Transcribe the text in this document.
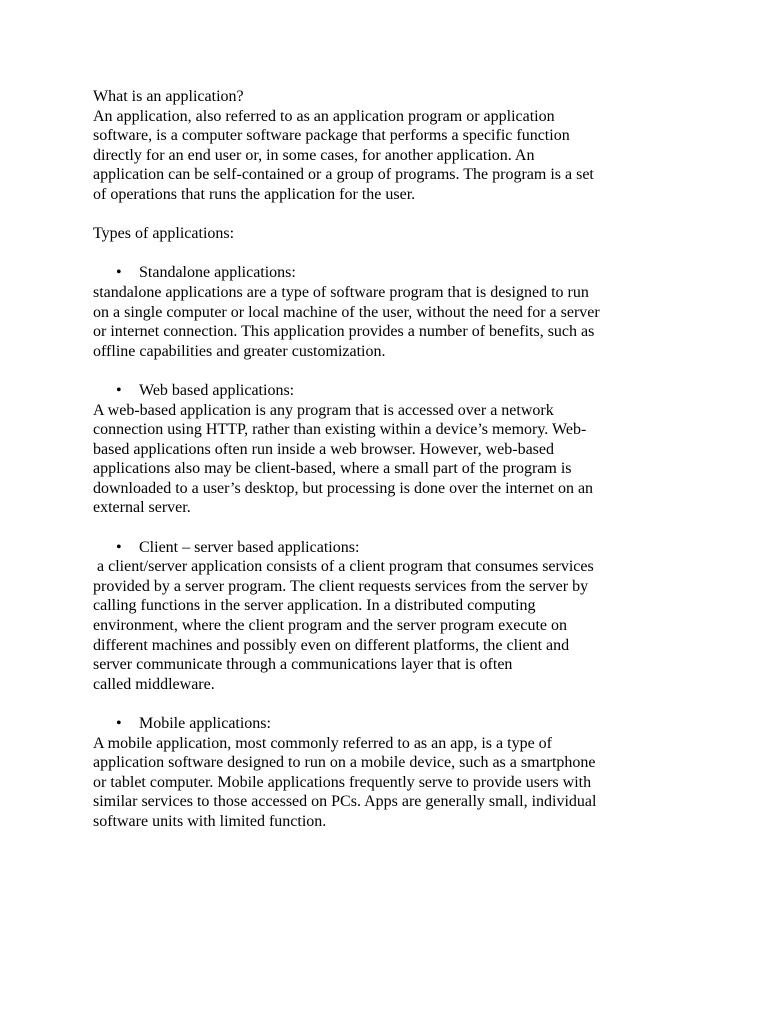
What is an application?
An application, also referred to as an application program or application
software, is a computer software package that performs a specific function
directly for an end user or, in some cases, for another application. An
application can be self-contained or a group of programs. The program is a set
of operations that runs the application for the user.
Types of applications:

•

Standalone applications:

standalone applications are a type of software program that is designed to run
on a single computer or local machine of the user, without the need for a server
or internet connection. This application provides a number of benefits, such as
offline capabilities and greater customization.

•

Web based applications:

A web-based application is any program that is accessed over a network
connection using HTTP, rather than existing within a device’s memory. Web-
based applications often run inside a web browser. However, web-based
applications also may be client-based, where a small part of the program is
downloaded to a user’s desktop, but processing is done over the internet on an
external server.

•

Client – server based applications:

a client/server application consists of a client program that consumes services
provided by a server program. The client requests services from the server by
calling functions in the server application. In a distributed computing
environment, where the client program and the server program execute on
different machines and possibly even on different platforms, the client and
server communicate through a communications layer that is often
called middleware.

•

Mobile applications:

A mobile application, most commonly referred to as an app, is a type of
application software designed to run on a mobile device, such as a smartphone
or tablet computer. Mobile applications frequently serve to provide users with
similar services to those accessed on PCs. Apps are generally small, individual
software units with limited function.
